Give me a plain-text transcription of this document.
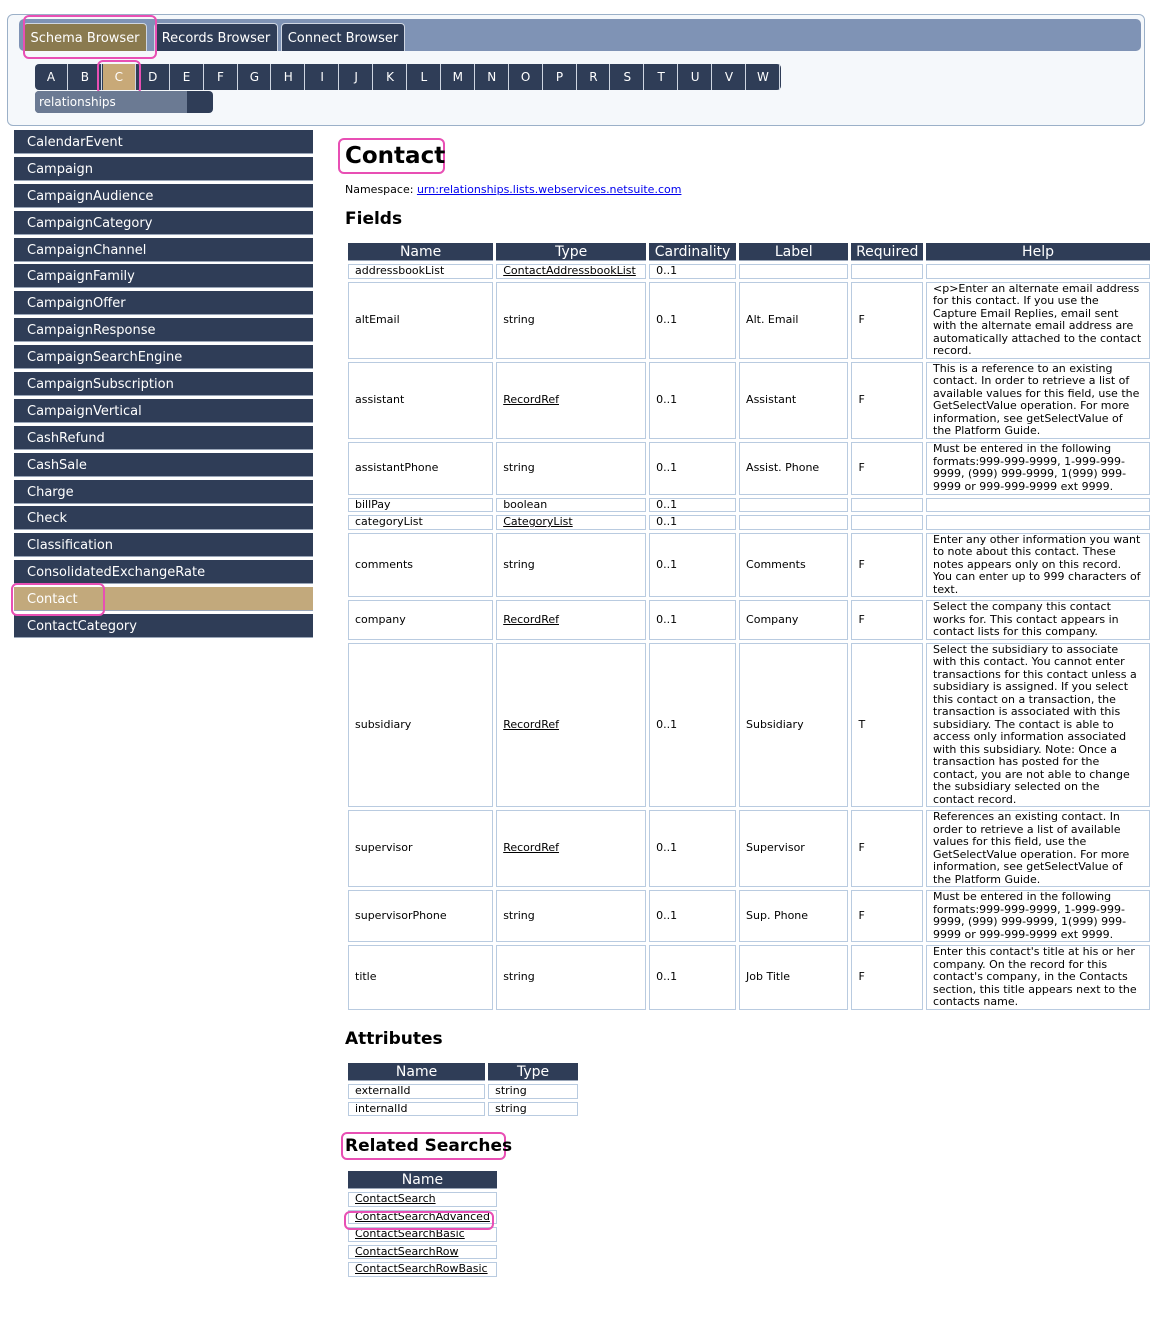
Schema Browser	Records Browser	Connect Browser
A	B	C	D	E	F	G	H	I	J	K	L	M	N	O	P	R	S	T	U	V	W
relationships
CalendarEvent
Campaign
CampaignAudience
CampaignCategory
CampaignChannel
CampaignFamily
CampaignOffer
CampaignResponse
CampaignSearchEngine
CampaignSubscription
CampaignVertical
CashRefund
CashSale
Charge
Check
Classification
ConsolidatedExchangeRate
Contact
ContactCategory
Contact
Namespace: urn:relationships.lists.webservices.netsuite.com
Fields
Name	Type	Cardinality	Label	Required	Help
addressbookList	ContactAddressbookList	0..1			
altEmail	string	0..1	Alt. Email	F	<p>Enter an alternate email address for this contact. If you use the Capture Email Replies, email sent with the alternate email address are automatically attached to the contact record.
assistant	RecordRef	0..1	Assistant	F	This is a reference to an existing contact. In order to retrieve a list of available values for this field, use the GetSelectValue operation. For more information, see getSelectValue of the Platform Guide.
assistantPhone	string	0..1	Assist. Phone	F	Must be entered in the following formats:999-999-9999, 1-999-999-9999, (999) 999-9999, 1(999) 999-9999 or 999-999-9999 ext 9999.
billPay	boolean	0..1			
categoryList	CategoryList	0..1			
comments	string	0..1	Comments	F	Enter any other information you want to note about this contact. These notes appears only on this record. You can enter up to 999 characters of text.
company	RecordRef	0..1	Company	F	Select the company this contact works for. This contact appears in contact lists for this company.
subsidiary	RecordRef	0..1	Subsidiary	T	Select the subsidiary to associate with this contact. You cannot enter transactions for this contact unless a subsidiary is assigned. If you select this contact on a transaction, the transaction is associated with this subsidiary. The contact is able to access only information associated with this subsidiary. Note: Once a transaction has posted for the contact, you are not able to change the subsidiary selected on the contact record.
supervisor	RecordRef	0..1	Supervisor	F	References an existing contact. In order to retrieve a list of available values for this field, use the GetSelectValue operation. For more information, see getSelectValue of the Platform Guide.
supervisorPhone	string	0..1	Sup. Phone	F	Must be entered in the following formats:999-999-9999, 1-999-999-9999, (999) 999-9999, 1(999) 999-9999 or 999-999-9999 ext 9999.
title	string	0..1	Job Title	F	Enter this contact's title at his or her company. On the record for this contact's company, in the Contacts section, this title appears next to the contacts name.
Attributes
Name	Type
externalId	string
internalId	string
Related Searches
Name
ContactSearch
ContactSearchAdvanced
ContactSearchBasic
ContactSearchRow
ContactSearchRowBasic
